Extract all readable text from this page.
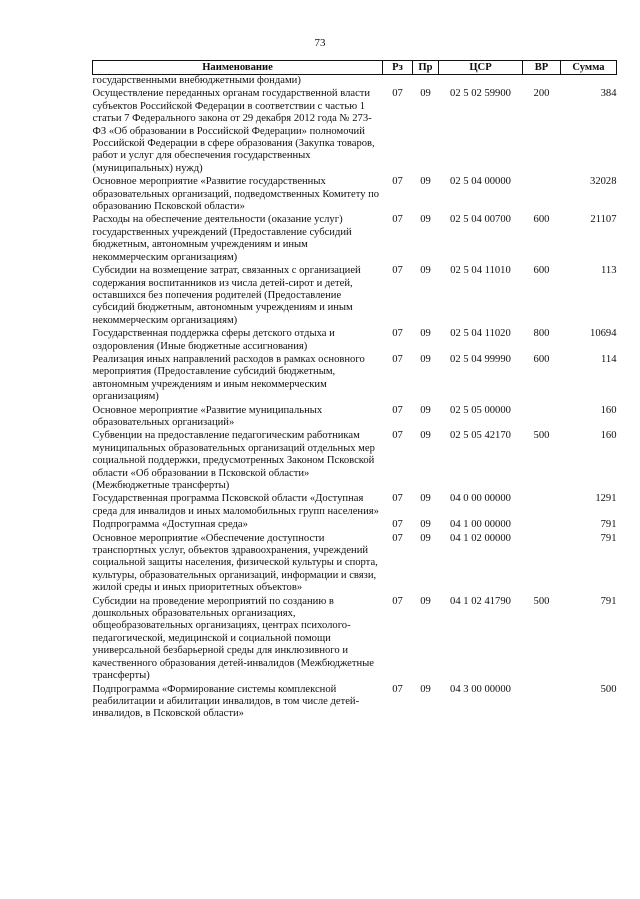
73
Наименование	Рз	Пр	ЦСР	ВР	Сумма
государственными внебюджетными фондами)					
Осуществление переданных органам государственной власти субъектов Российской Федерации в соответствии с частью 1 статьи 7 Федерального закона от 29 декабря 2012 года № 273-ФЗ «Об образовании в Российской Федерации» полномочий Российской Федерации в сфере образования (Закупка товаров, работ и услуг для обеспечения государственных (муниципальных) нужд)	07	09	02 5 02 59900	200	384
Основное мероприятие «Развитие государственных образовательных организаций, подведомственных Комитету по образованию Псковской области»	07	09	02 5 04 00000		32028
Расходы на обеспечение деятельности (оказание услуг) государственных учреждений (Предоставление субсидий бюджетным, автономным учреждениям и иным некоммерческим организациям)	07	09	02 5 04 00700	600	21107
Субсидии на возмещение затрат, связанных с организацией содержания воспитанников из числа детей-сирот и детей, оставшихся без попечения родителей (Предоставление субсидий бюджетным, автономным учреждениям и иным некоммерческим организациям)	07	09	02 5 04 11010	600	113
Государственная поддержка сферы детского отдыха и оздоровления (Иные бюджетные ассигнования)	07	09	02 5 04 11020	800	10694
Реализация иных направлений расходов в рамках основного мероприятия (Предоставление субсидий бюджетным, автономным учреждениям и иным некоммерческим организациям)	07	09	02 5 04 99990	600	114
Основное мероприятие «Развитие муниципальных образовательных организаций»	07	09	02 5 05 00000		160
Субвенции на предоставление педагогическим работникам муниципальных образовательных организаций отдельных мер социальной поддержки, предусмотренных Законом Псковской области «Об образовании в Псковской области» (Межбюджетные трансферты)	07	09	02 5 05 42170	500	160
Государственная программа Псковской области «Доступная среда для инвалидов и иных маломобильных групп населения»	07	09	04 0 00 00000		1291
Подпрограмма «Доступная среда»	07	09	04 1 00 00000		791
Основное мероприятие «Обеспечение доступности транспортных услуг, объектов здравоохранения, учреждений социальной защиты населения, физической культуры и спорта, культуры, образовательных организаций, информации и связи, жилой среды и иных приоритетных объектов»	07	09	04 1 02 00000		791
Субсидии на проведение мероприятий по созданию в дошкольных образовательных организациях, общеобразовательных организациях, центрах психолого-педагогической, медицинской и социальной помощи универсальной безбарьерной среды для инклюзивного и качественного образования детей-инвалидов (Межбюджетные трансферты)	07	09	04 1 02 41790	500	791
Подпрограмма «Формирование системы комплексной реабилитации и абилитации инвалидов, в том числе детей-инвалидов, в Псковской области»	07	09	04 3 00 00000		500
